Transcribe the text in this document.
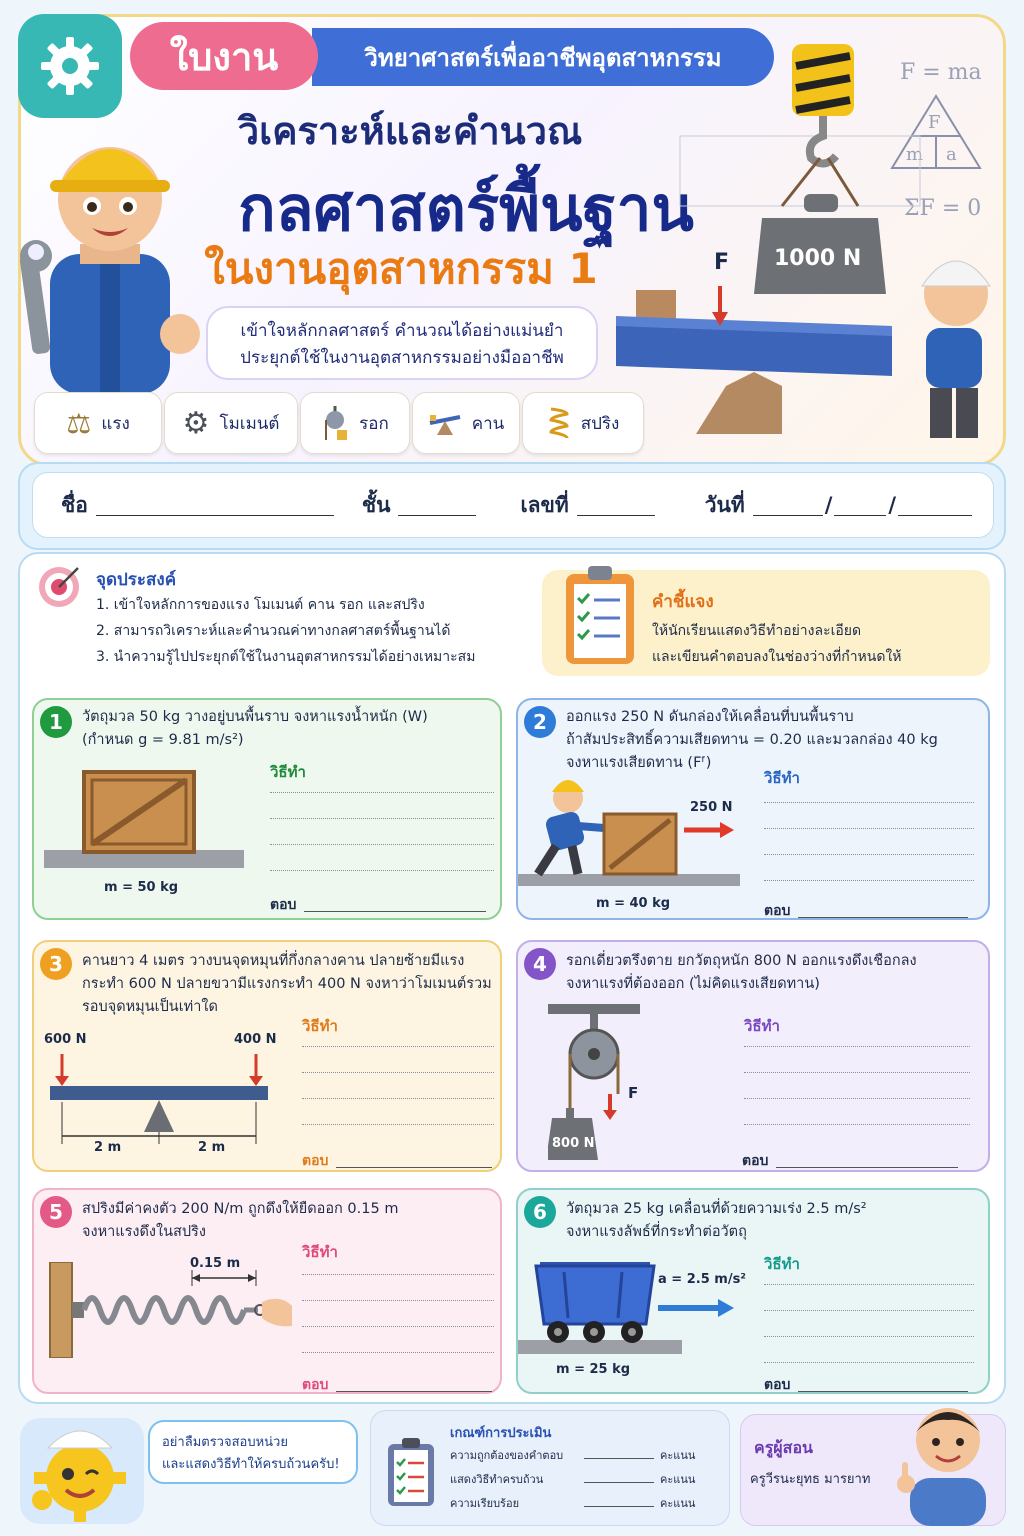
วิทยาศาสตร์เพื่ออาชีพอุตสาหกรรม
ใบงาน
วิเคราะห์และคำนวณ
กลศาสตร์พื้นฐาน
ในงานอุตสาหกรรม 1
เข้าใจหลักกลศาสตร์ คำนวณได้อย่างแม่นยำ
ประยุกต์ใช้ในงานอุตสาหกรรมอย่างมืออาชีพ
F = ma
F
m a
ΣF = 0
1000 N
F
⚖ แรง ⚙ โมเมนต์	รอก	คาน	สปริง
ชื่อ	ชั้น	เลขที่	วันที่	/	/
จุดประสงค์
1. เข้าใจหลักการของแรง โมเมนต์ คาน รอก และสปริง
2. สามารถวิเคราะห์และคำนวณค่าทางกลศาสตร์พื้นฐานได้
3. นำความรู้ไปประยุกต์ใช้ในงานอุตสาหกรรมได้อย่างเหมาะสม
คำชี้แจง
ให้นักเรียนแสดงวิธีทำอย่างละเอียด
และเขียนคำตอบลงในช่องว่างที่กำหนดให้
1	วัตถุมวล 50 kg วางอยู่บนพื้นราบ จงหาแรงน้ำหนัก (W)
(กำหนด g = 9.81 m/s²)
m = 50 kg
วิธีทำ
ตอบ
2	ออกแรง 250 N ดันกล่องให้เคลื่อนที่บนพื้นราบ
ถ้าสัมประสิทธิ์ความเสียดทาน = 0.20 และมวลกล่อง 40 kg
จงหาแรงเสียดทาน (Fᶠ)
250 N
m = 40 kg
วิธีทำ
ตอบ
3	คานยาว 4 เมตร วางบนจุดหมุนที่กึ่งกลางคาน ปลายซ้ายมีแรง
กระทำ 600 N ปลายขวามีแรงกระทำ 400 N จงหาว่าโมเมนต์รวม
รอบจุดหมุนเป็นเท่าใด
600 N	400 N
2 m	2 m
วิธีทำ
ตอบ
4	รอกเดี่ยวตรึงตาย ยกวัตถุหนัก 800 N ออกแรงดึงเชือกลง
จงหาแรงที่ต้องออก (ไม่คิดแรงเสียดทาน)
F
800 N
วิธีทำ
ตอบ
5	สปริงมีค่าคงตัว 200 N/m ถูกดึงให้ยืดออก 0.15 m
จงหาแรงดึงในสปริง
0.15 m
วิธีทำ
ตอบ
6	วัตถุมวล 25 kg เคลื่อนที่ด้วยความเร่ง 2.5 m/s²
จงหาแรงลัพธ์ที่กระทำต่อวัตถุ
a = 2.5 m/s²
m = 25 kg
วิธีทำ
ตอบ
อย่าลืมตรวจสอบหน่วย
และแสดงวิธีทำให้ครบถ้วนครับ!
เกณฑ์การประเมิน
ความถูกต้องของคำตอบ	คะแนน
แสดงวิธีทำครบถ้วน	คะแนน
ความเรียบร้อย	คะแนน
ครูผู้สอน
ครูวีรนะยุทธ มารยาท
